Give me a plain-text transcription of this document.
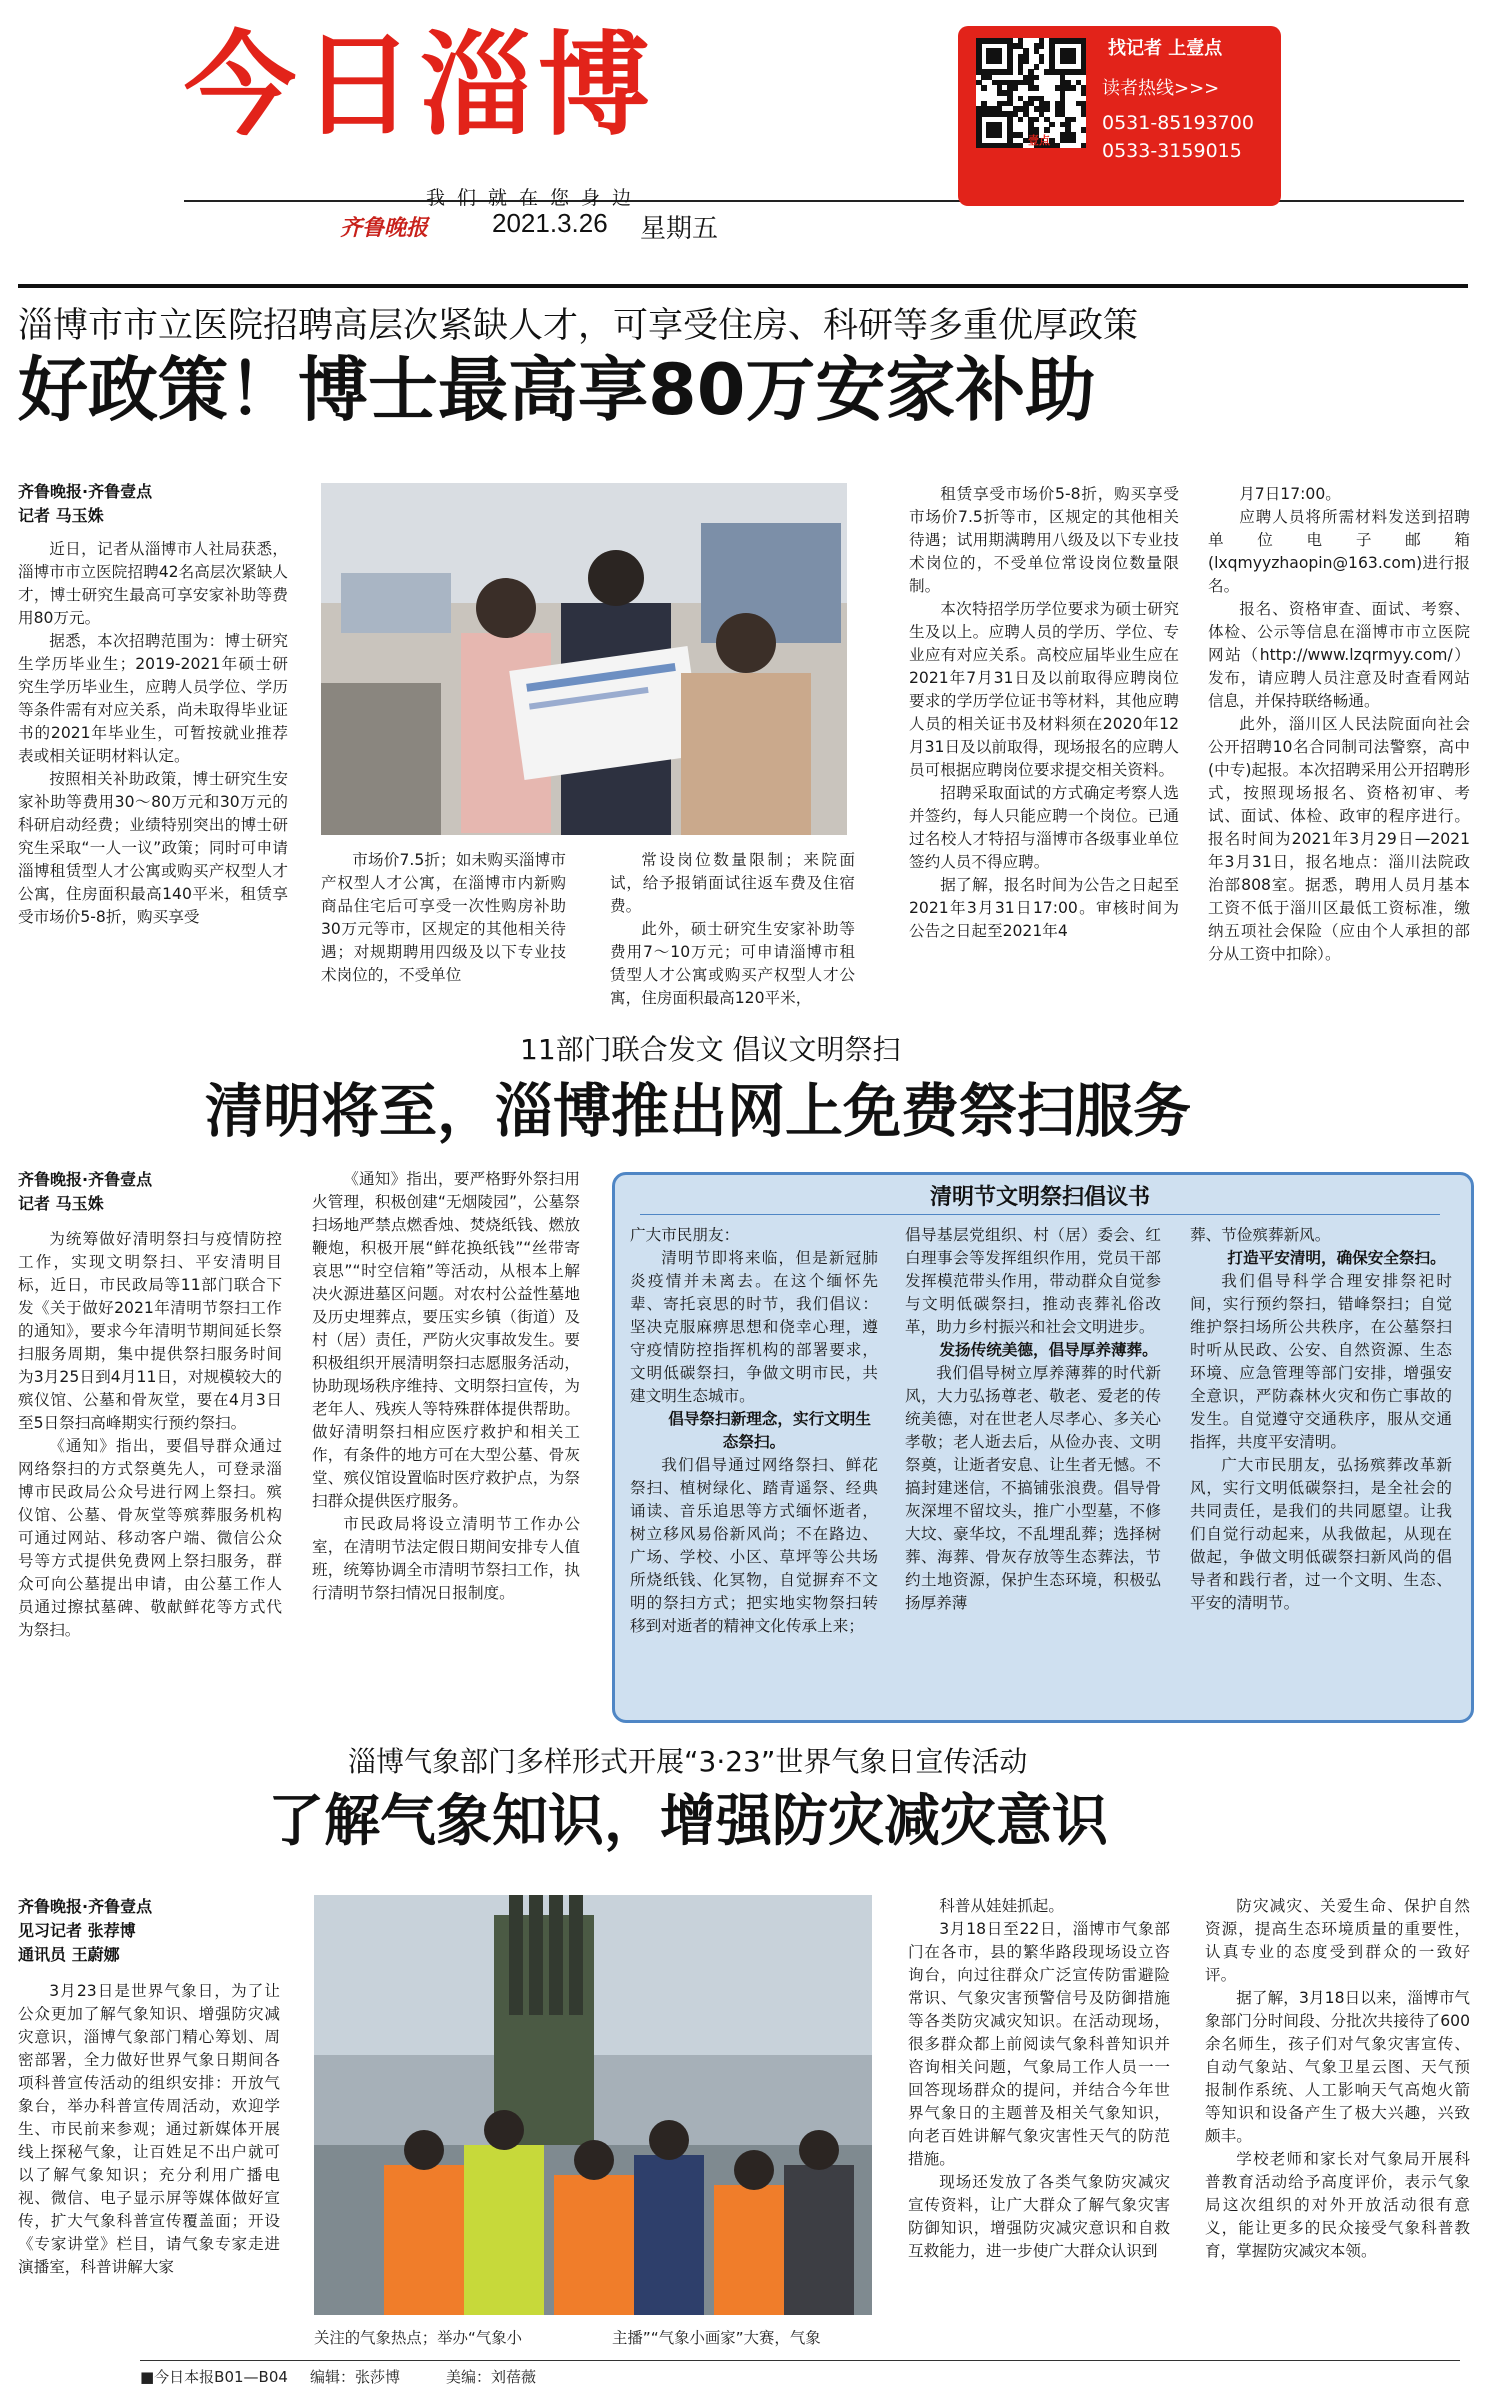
今日淄博
我们就在您身边
齐鲁晚报 2021.3.26 星期五
壹点
找记者 上壹点
读者热线>>>
0531-85193700
0533-3159015
淄博市市立医院招聘高层次紧缺人才，可享受住房、科研等多重优厚政策
好政策！博士最高享80万安家补助
齐鲁晚报·齐鲁壹点
记者 马玉姝

近日，记者从淄博市人社局获悉，淄博市市立医院招聘42名高层次紧缺人才，博士研究生最高可享安家补助等费用80万元。

据悉，本次招聘范围为：博士研究生学历毕业生；2019-2021年硕士研究生学历毕业生，应聘人员学位、学历等条件需有对应关系，尚未取得毕业证书的2021年毕业生，可暂按就业推荐表或相关证明材料认定。

按照相关补助政策，博士研究生安家补助等费用30～80万元和30万元的科研启动经费；业绩特别突出的博士研究生采取“一人一议”政策；同时可申请淄博租赁型人才公寓或购买产权型人才公寓，住房面积最高140平米，租赁享受市场价5-8折，购买享受

市场价7.5折；如未购买淄博市产权型人才公寓，在淄博市内新购商品住宅后可享受一次性购房补助30万元等市，区规定的其他相关待遇；对规期聘用四级及以下专业技术岗位的，不受单位

常设岗位数量限制；来院面试，给予报销面试往返车费及住宿费。

此外，硕士研究生安家补助等费用7～10万元；可申请淄博市租赁型人才公寓或购买产权型人才公寓，住房面积最高120平米，

租赁享受市场价5-8折，购买享受市场价7.5折等市，区规定的其他相关待遇；试用期满聘用八级及以下专业技术岗位的，不受单位常设岗位数量限制。

本次特招学历学位要求为硕士研究生及以上。应聘人员的学历、学位、专业应有对应关系。高校应届毕业生应在2021年7月31日及以前取得应聘岗位要求的学历学位证书等材料，其他应聘人员的相关证书及材料须在2020年12月31日及以前取得，现场报名的应聘人员可根据应聘岗位要求提交相关资料。

招聘采取面试的方式确定考察人选并签约，每人只能应聘一个岗位。已通过名校人才特招与淄博市各级事业单位签约人员不得应聘。

据了解，报名时间为公告之日起至2021年3月31日17:00。审核时间为公告之日起至2021年4

月7日17:00。

应聘人员将所需材料发送到招聘单位电子邮箱(lxqmyyzhaopin@163.com)进行报名。

报名、资格审查、面试、考察、体检、公示等信息在淄博市市立医院网站（http://www.lzqrmyy.com/）发布，请应聘人员注意及时查看网站信息，并保持联络畅通。

此外，淄川区人民法院面向社会公开招聘10名合同制司法警察，高中(中专)起报。本次招聘采用公开招聘形式，按照现场报名、资格初审、考试、面试、体检、政审的程序进行。报名时间为2021年3月29日—2021年3月31日，报名地点：淄川法院政治部808室。据悉，聘用人员月基本工资不低于淄川区最低工资标准，缴纳五项社会保险（应由个人承担的部分从工资中扣除）。

11部门联合发文 倡议文明祭扫
清明将至，淄博推出网上免费祭扫服务
齐鲁晚报·齐鲁壹点
记者 马玉姝

为统筹做好清明祭扫与疫情防控工作，实现文明祭扫、平安清明目标，近日，市民政局等11部门联合下发《关于做好2021年清明节祭扫工作的通知》，要求今年清明节期间延长祭扫服务周期，集中提供祭扫服务时间为3月25日到4月11日，对规模较大的殡仪馆、公墓和骨灰堂，要在4月3日至5日祭扫高峰期实行预约祭扫。

《通知》指出，要倡导群众通过网络祭扫的方式祭奠先人，可登录淄博市民政局公众号进行网上祭扫。殡仪馆、公墓、骨灰堂等殡葬服务机构可通过网站、移动客户端、微信公众号等方式提供免费网上祭扫服务，群众可向公墓提出申请，由公墓工作人员通过擦拭墓碑、敬献鲜花等方式代为祭扫。

《通知》指出，要严格野外祭扫用火管理，积极创建“无烟陵园”，公墓祭扫场地严禁点燃香烛、焚烧纸钱、燃放鞭炮，积极开展“鲜花换纸钱”“丝带寄哀思”“时空信箱”等活动，从根本上解决火源进墓区问题。对农村公益性墓地及历史埋葬点，要压实乡镇（街道）及村（居）责任，严防火灾事故发生。要积极组织开展清明祭扫志愿服务活动，协助现场秩序维持、文明祭扫宣传，为老年人、残疾人等特殊群体提供帮助。做好清明祭扫相应医疗救护和相关工作，有条件的地方可在大型公墓、骨灰堂、殡仪馆设置临时医疗救护点，为祭扫群众提供医疗服务。

市民政局将设立清明节工作办公室，在清明节法定假日期间安排专人值班，统筹协调全市清明节祭扫工作，执行清明节祭扫情况日报制度。

清明节文明祭扫倡议书

广大市民朋友：

清明节即将来临，但是新冠肺炎疫情并未离去。在这个缅怀先辈、寄托哀思的时节，我们倡议：坚决克服麻痹思想和侥幸心理，遵守疫情防控指挥机构的部署要求，文明低碳祭扫，争做文明市民，共建文明生态城市。

倡导祭扫新理念，实行文明生态祭扫。

我们倡导通过网络祭扫、鲜花祭扫、植树绿化、踏青遥祭、经典诵读、音乐追思等方式缅怀逝者，树立移风易俗新风尚；不在路边、广场、学校、小区、草坪等公共场所烧纸钱、化冥物，自觉摒弃不文明的祭扫方式；把实地实物祭扫转移到对逝者的精神文化传承上来；

倡导基层党组织、村（居）委会、红白理事会等发挥组织作用，党员干部发挥模范带头作用，带动群众自觉参与文明低碳祭扫，推动丧葬礼俗改革，助力乡村振兴和社会文明进步。

发扬传统美德，倡导厚养薄葬。

我们倡导树立厚养薄葬的时代新风，大力弘扬尊老、敬老、爱老的传统美德，对在世老人尽孝心、多关心孝敬；老人逝去后，从俭办丧、文明祭奠，让逝者安息、让生者无憾。不搞封建迷信，不搞铺张浪费。倡导骨灰深埋不留坟头，推广小型墓，不修大坟、豪华坟，不乱埋乱葬；选择树葬、海葬、骨灰存放等生态葬法，节约土地资源，保护生态环境，积极弘扬厚养薄

葬、节俭殡葬新风。

打造平安清明，确保安全祭扫。

我们倡导科学合理安排祭祀时间，实行预约祭扫，错峰祭扫；自觉维护祭扫场所公共秩序，在公墓祭扫时听从民政、公安、自然资源、生态环境、应急管理等部门安排，增强安全意识，严防森林火灾和伤亡事故的发生。自觉遵守交通秩序，服从交通指挥，共度平安清明。

广大市民朋友，弘扬殡葬改革新风，实行文明低碳祭扫，是全社会的共同责任，是我们的共同愿望。让我们自觉行动起来，从我做起，从现在做起，争做文明低碳祭扫新风尚的倡导者和践行者，过一个文明、生态、平安的清明节。

淄博气象部门多样形式开展“3·23”世界气象日宣传活动
了解气象知识，增强防灾减灾意识
齐鲁晚报·齐鲁壹点
见习记者 张荐博
通讯员 王蔚娜

3月23日是世界气象日，为了让公众更加了解气象知识、增强防灾减灾意识，淄博气象部门精心筹划、周密部署，全力做好世界气象日期间各项科普宣传活动的组织安排：开放气象台，举办科普宣传周活动，欢迎学生、市民前来参观；通过新媒体开展线上探秘气象，让百姓足不出户就可以了解气象知识；充分利用广播电视、微信、电子显示屏等媒体做好宣传，扩大气象科普宣传覆盖面；开设《专家讲堂》栏目，请气象专家走进演播室，科普讲解大家

关注的气象热点；举办“气象小	主播”“气象小画家”大赛，气象

科普从娃娃抓起。

3月18日至22日，淄博市气象部门在各市，县的繁华路段现场设立咨询台，向过往群众广泛宣传防雷避险常识、气象灾害预警信号及防御措施等各类防灾减灾知识。在活动现场，很多群众都上前阅读气象科普知识并咨询相关问题，气象局工作人员一一回答现场群众的提问，并结合今年世界气象日的主题普及相关气象知识，向老百姓讲解气象灾害性天气的防范措施。

现场还发放了各类气象防灾减灾宣传资料，让广大群众了解气象灾害防御知识，增强防灾减灾意识和自救互救能力，进一步使广大群众认识到

防灾减灾、关爱生命、保护自然资源，提高生态环境质量的重要性，认真专业的态度受到群众的一致好评。

据了解，3月18日以来，淄博市气象部门分时间段、分批次共接待了600余名师生，孩子们对气象灾害宣传、自动气象站、气象卫星云图、天气预报制作系统、人工影响天气高炮火箭等知识和设备产生了极大兴趣，兴致颇丰。

学校老师和家长对气象局开展科普教育活动给予高度评价，表示气象局这次组织的对外开放活动很有意义，能让更多的民众接受气象科普教育，掌握防灾减灾本领。

■今日本报B01—B04 编辑：张莎博	美编：刘蓓薇
